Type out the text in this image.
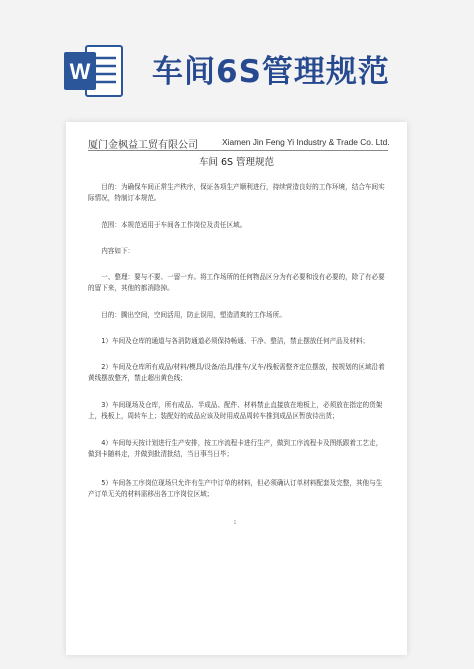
W 车间6S管理规范
厦门金枫益工贸有限公司	Xiamen Jin Feng Yi Industry & Trade Co. Ltd.
车间 6S 管理规范

目的：为确保车间正常生产秩序，保证各项生产顺利进行，持续营造良好的工作环境，结合车间实际情况，特制订本规范。

范围：本规范适用于车间各工作岗位及责任区域。

内容如下：

一、整理：要与不要、一留一弃。将工作场所的任何物品区分为有必要和没有必要的，除了有必要的留下来，其他的都消除掉。

目的：腾出空间，空间活用，防止误用，塑造清爽的工作场所。

1）车间及仓库的通道与各消防通道必须保持畅通、干净、整洁，禁止摆放任何产品及材料；

2）车间及仓库所有成品/材料/模具/设备/治具/推车/叉车/栈板需整齐定位摆放，按规划的区域沿着黄线摆放整齐，禁止超出黄色线；

3）车间现场及仓库，所有成品、半成品、配件、材料禁止直接放在地板上，必须放在指定的货架上，栈板上，周转车上；装配好的成品应该及时用成品周转车推到成品区暂放待出货；

4）车间每天按计划进行生产安排，按工序流程卡进行生产，做到工序流程卡及图纸跟着工艺走，做到卡随料走，并做到批清批结，当日事当日毕；

5）车间各工序岗位现场只允许有生产中订单的材料，但必须确认订单材料配套及完整，其他与生产订单无关的材料需移出各工序岗位区域；

1
